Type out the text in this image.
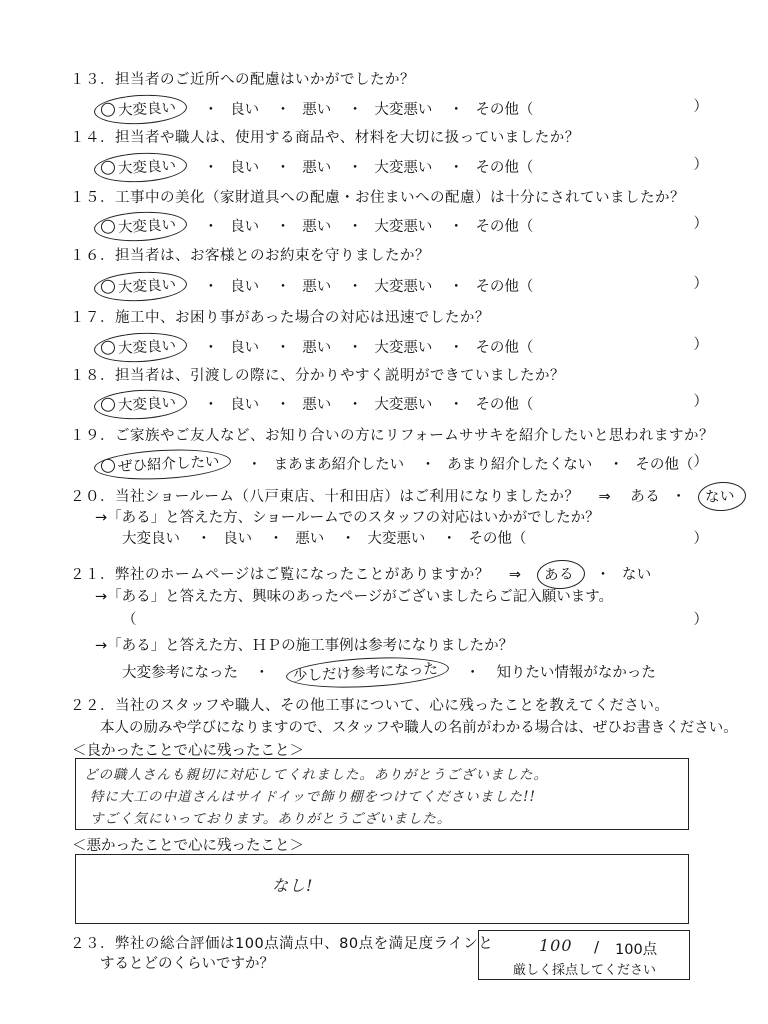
１３．担当者のご近所への配慮はいかがでしたか？
大変良い ・ 良い ・ 悪い ・ 大変悪い ・ その他（	）
１４．担当者や職人は、使用する商品や、材料を大切に扱っていましたか？
大変良い ・ 良い ・ 悪い ・ 大変悪い ・ その他（	）
１５．工事中の美化（家財道具への配慮・お住まいへの配慮）は十分にされていましたか？
大変良い ・ 良い ・ 悪い ・ 大変悪い ・ その他（	）
１６．担当者は、お客様とのお約束を守りましたか？
大変良い ・ 良い ・ 悪い ・ 大変悪い ・ その他（	）
１７．施工中、お困り事があった場合の対応は迅速でしたか？
大変良い ・ 良い ・ 悪い ・ 大変悪い ・ その他（	）
１８．担当者は、引渡しの際に、分かりやすく説明ができていましたか？
大変良い ・ 良い ・ 悪い ・ 大変悪い ・ その他（	）
１９．ご家族やご友人など、お知り合いの方にリフォームササキを紹介したいと思われますか？
ぜひ紹介したい ・ まあまあ紹介したい ・ あまり紹介したくない ・ その他（ ）
２０．当社ショールーム（八戸東店、十和田店）はご利用になりましたか？ ⇒ ある ・ ない
→「ある」と答えた方、ショールームでのスタッフの対応はいかがでしたか？
大変良い ・ 良い ・ 悪い ・ 大変悪い ・ その他（	）
２１．弊社のホームページはご覧になったことがありますか？ ⇒ ある ・ ない
→「ある」と答えた方、興味のあったページがございましたらご記入願います。
（	）
→「ある」と答えた方、ＨＰの施工事例は参考になりましたか？
大変参考になった ・ 少しだけ参考になった ・ 知りたい情報がなかった
２２．当社のスタッフや職人、その他工事について、心に残ったことを教えてください。
本人の励みや学びになりますので、スタッフや職人の名前がわかる場合は、ぜひお書きください。
＜良かったことで心に残ったこと＞
どの職人さんも親切に対応してくれました。ありがとうございました。
特に大工の中道さんはサイドイッで飾り棚をつけてくださいました!!
すごく気にいっております。ありがとうございました。
＜悪かったことで心に残ったこと＞
なし!
２３．弊社の総合評価は100点満点中、80点を満足度ラインと
するとどのくらいですか？
100 / 100点
厳しく採点してください
